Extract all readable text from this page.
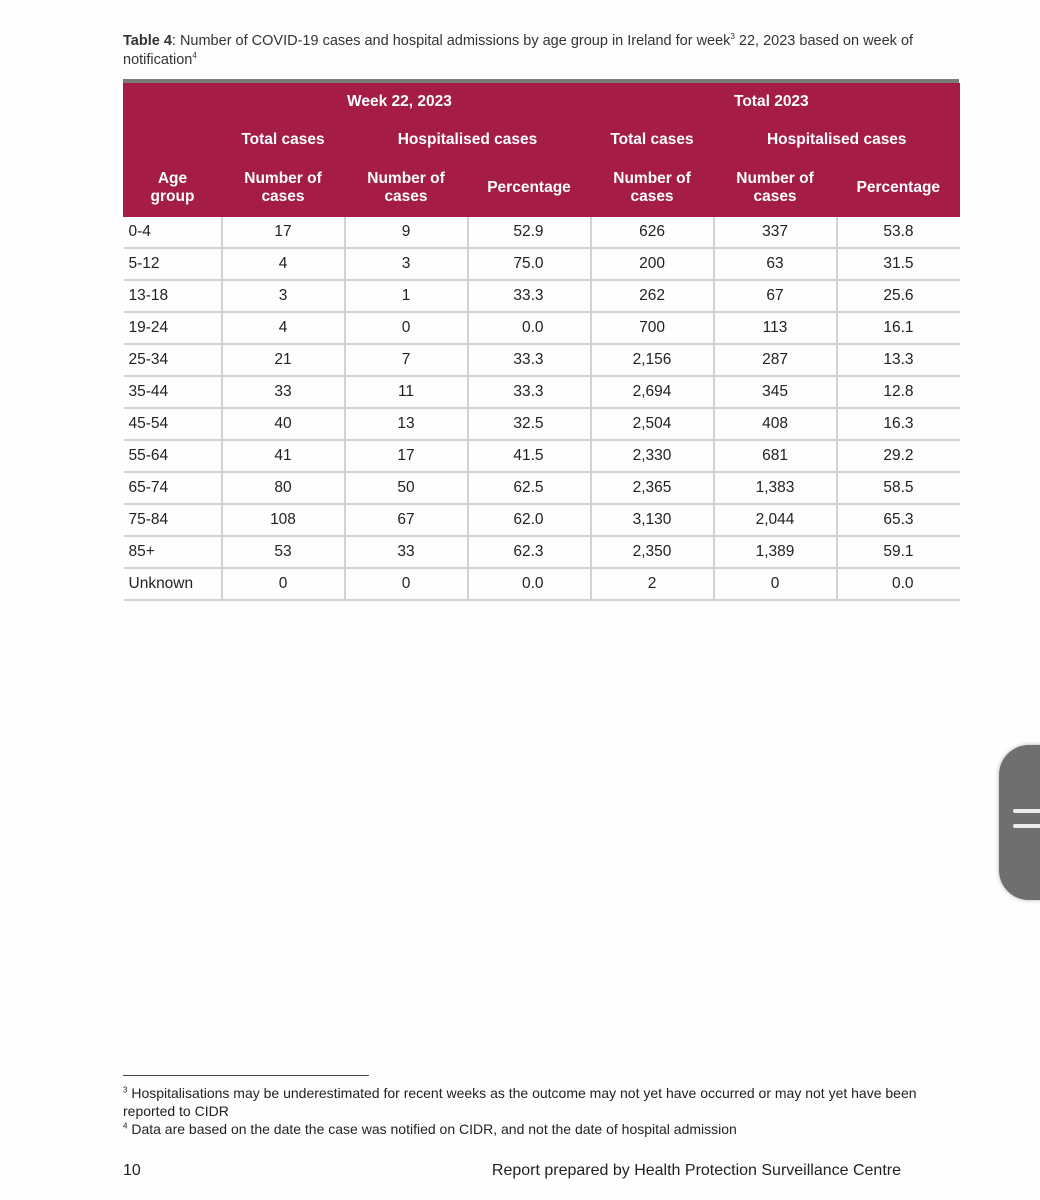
Table 4: Number of COVID-19 cases and hospital admissions by age group in Ireland for week$^3$ 22, 2023 based on week of notification$^4$
		Week 22, 2023			Total 2023		
	Total cases	Hospitalised cases		Total cases	Hospitalised cases		
Age group	Number of cases	Number of cases	Percentage	Number of cases	Number of cases	Percentage	
0-4	17	9	52.9	626	337	53.8	
5-12	4	3	75.0	200	63	31.5	
13-18	3	1	33.3	262	67	25.6	
19-24	4	0	0.0	700	113	16.1	
25-34	21	7	33.3	2,156	287	13.3	
35-44	33	11	33.3	2,694	345	12.8	
45-54	40	13	32.5	2,504	408	16.3	
55-64	41	17	41.5	2,330	681	29.2	
65-74	80	50	62.5	2,365	1,383	58.5	
75-84	108	67	62.0	3,130	2,044	65.3	
85+	53	33	62.3	2,350	1,389	59.1	
Unknown	0	0	0.0	2	0	0.0	
$^3$ Hospitalisations may be underestimated for recent weeks as the outcome may not yet have occurred or may not yet have been reported to CIDR
$^4$ Data are based on the date the case was notified on CIDR, and not the date of hospital admission
10	Report prepared by Health Protection Surveillance Centre
